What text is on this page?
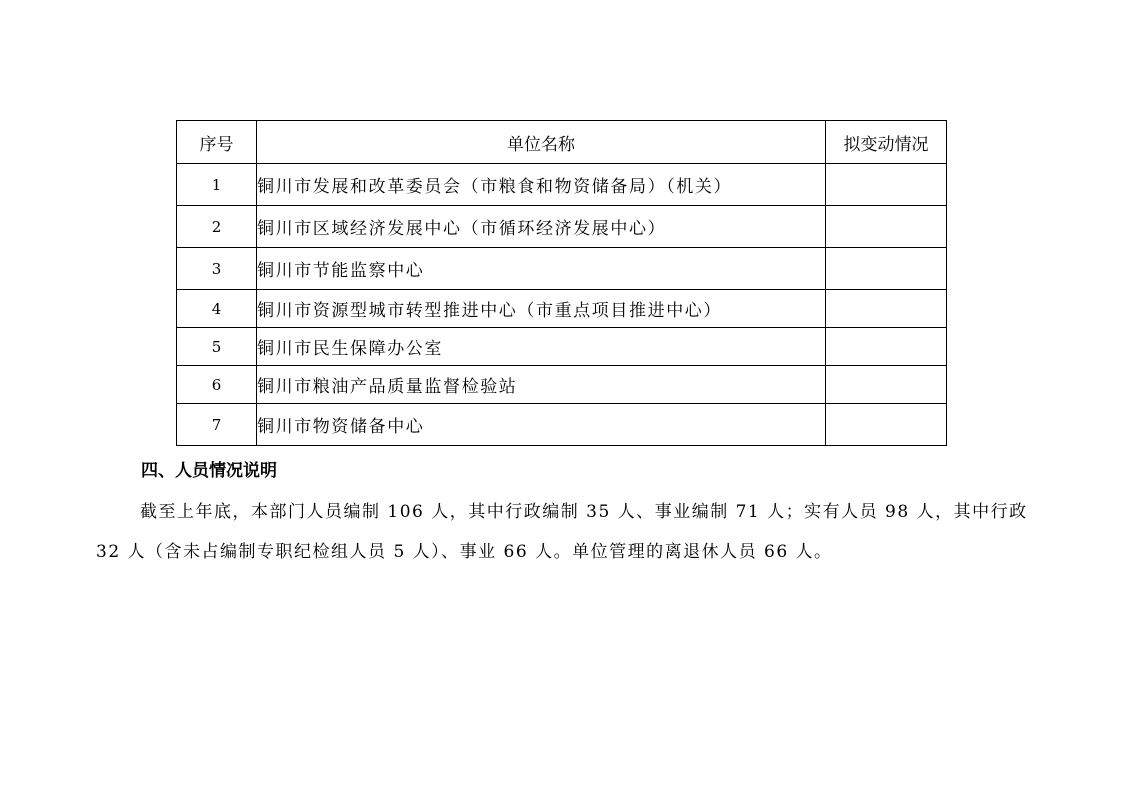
序号	单位名称	拟变动情况
1	铜川市发展和改革委员会（市粮食和物资储备局）（机关）	
2	铜川市区域经济发展中心（市循环经济发展中心）	
3	铜川市节能监察中心	
4	铜川市资源型城市转型推进中心（市重点项目推进中心）	
5	铜川市民生保障办公室	
6	铜川市粮油产品质量监督检验站	
7	铜川市物资储备中心	
四、人员情况说明

截至上年底，本部门人员编制 106 人，其中行政编制 35 人、事业编制 71 人；实有人员 98 人，其中行政 32 人（含未占编制专职纪检组人员 5 人）、事业 66 人。单位管理的离退休人员 66 人。
